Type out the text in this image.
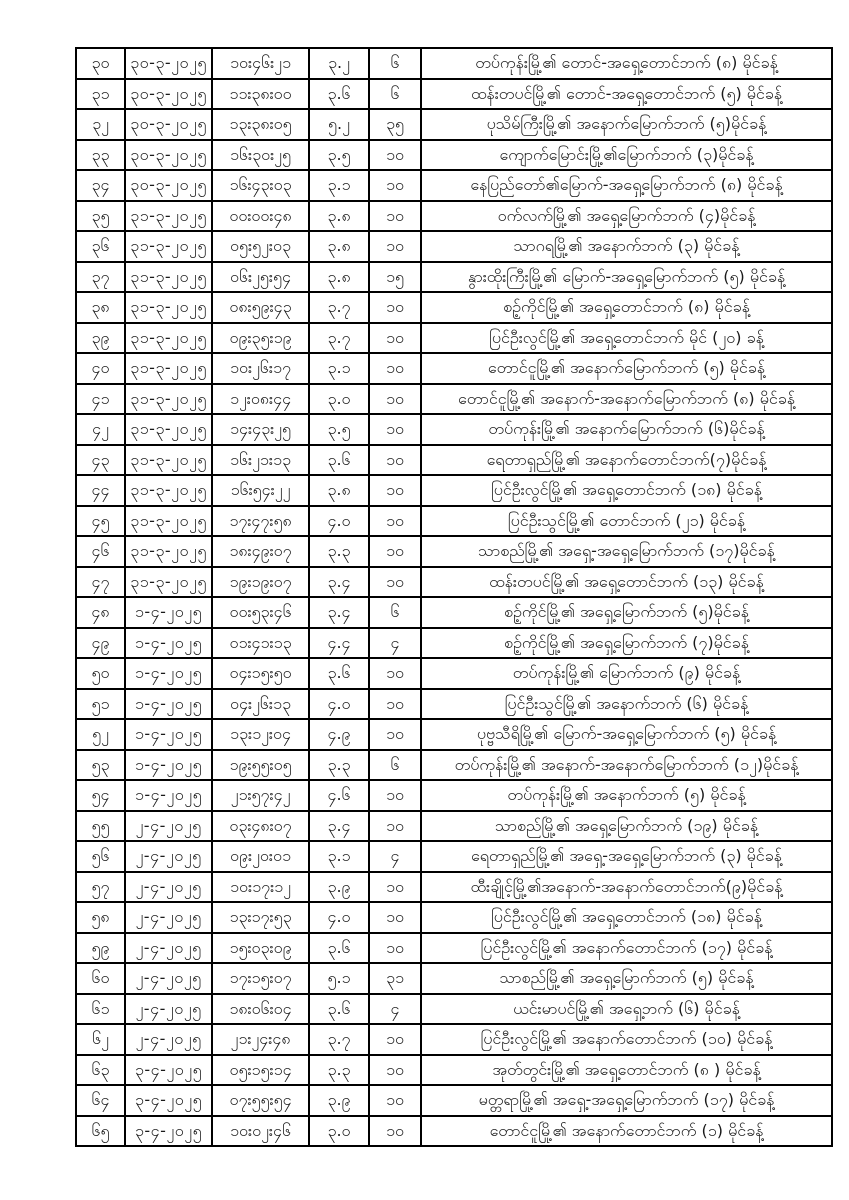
၃၀	၃၀-၃-၂၀၂၅	၁၀း၄၆း၂၁	၃.၂	၆	တပ်ကုန်းမြို့၏ တောင်-အရှေ့တောင်ဘက် (၈) မိုင်ခန့်
၃၁	၃၀-၃-၂၀၂၅	၁၁း၃၈း၀၀	၃.၆	၆	ထန်းတပင်မြို့၏ တောင်-အရှေ့တောင်ဘက် (၅) မိုင်ခန့်
၃၂	၃၀-၃-၂၀၂၅	၁၃း၃၈း၀၅	၅.၂	၃၅	ပုသိမ်ကြီးမြို့၏ အနောက်မြောက်ဘက် (၅)မိုင်ခန့်
၃၃	၃၀-၃-၂၀၂၅	၁၆း၃၀း၂၅	၃.၅	၁၀	ကျောက်မြောင်းမြို့၏မြောက်ဘက် (၃)မိုင်ခန့်
၃၄	၃၀-၃-၂၀၂၅	၁၆း၄၃း၀၃	၃.၁	၁၀	နေပြည်တော်၏မြောက်-အရှေ့မြောက်ဘက် (၈) မိုင်ခန့်
၃၅	၃၁-၃-၂၀၂၅	၀၀း၀၀း၄၈	၃.၈	၁၀	ဝက်လက်မြို့၏ အရှေ့မြောက်ဘက် (၄)မိုင်ခန့်
၃၆	၃၁-၃-၂၀၂၅	၀၅း၅၂း၀၃	၃.၈	၁၀	သာဂရမြို့၏ အနောက်ဘက် (၃) မိုင်ခန့်
၃၇	၃၁-၃-၂၀၂၅	၀၆း၂၅း၅၄	၃.၈	၁၅	နွားထိုးကြီးမြို့၏ မြောက်-အရှေ့မြောက်ဘက် (၅) မိုင်ခန့်
၃၈	၃၁-၃-၂၀၂၅	၀၈း၅၉း၄၃	၃.၇	၁၀	စဉ့်ကိုင်မြို့၏ အရှေ့တောင်ဘက် (၈) မိုင်ခန့်
၃၉	၃၁-၃-၂၀၂၅	၀၉း၃၅း၁၉	၃.၇	၁၀	ပြင်ဦးလွင်မြို့၏ အရှေ့တောင်ဘက် မိုင် (၂၀) ခန့်
၄၀	၃၁-၃-၂၀၂၅	၁၀း၂၆း၁၇	၃.၁	၁၀	တောင်ငူမြို့၏ အနောက်မြောက်ဘက် (၅) မိုင်ခန့်
၄၁	၃၁-၃-၂၀၂၅	၁၂း၀၈း၄၄	၃.၀	၁၀	တောင်ငူမြို့၏ အနောက်-အနောက်မြောက်ဘက် (၈) မိုင်ခန့်
၄၂	၃၁-၃-၂၀၂၅	၁၄း၄၃း၂၅	၃.၅	၁၀	တပ်ကုန်းမြို့၏ အနောက်မြောက်ဘက် (၆)မိုင်ခန့်
၄၃	၃၁-၃-၂၀၂၅	၁၆း၂၁း၁၃	၃.၆	၁၀	ရေတာရှည်မြို့၏ အနောက်တောင်ဘက်(၇)မိုင်ခန့်
၄၄	၃၁-၃-၂၀၂၅	၁၆း၅၄း၂၂	၃.၈	၁၀	ပြင်ဦးလွင်မြို့၏ အရှေ့တောင်ဘက် (၁၈) မိုင်ခန့်
၄၅	၃၁-၃-၂၀၂၅	၁၇း၄၇း၅၈	၄.၀	၁၀	ပြင်ဦးသွင်မြို့၏ တောင်ဘက် (၂၁) မိုင်ခန့်
၄၆	၃၁-၃-၂၀၂၅	၁၈း၄၉း၀၇	၃.၃	၁၀	သာစည်မြို့၏ အရှေ့-အရှေ့မြောက်ဘက် (၁၇)မိုင်ခန့်
၄၇	၃၁-၃-၂၀၂၅	၁၉း၁၉း၀၇	၃.၄	၁၀	ထန်းတပင်မြို့၏ အရှေ့တောင်ဘက် (၁၃) မိုင်ခန့်
၄၈	၁-၄-၂၀၂၅	၀၀း၅၃း၄၆	၃.၄	၆	စဉ့်ကိုင်မြို့၏ အရှေ့မြောက်ဘက် (၅)မိုင်ခန့်
၄၉	၁-၄-၂၀၂၅	၀၁း၄၁း၁၃	၄.၄	၄	စဉ့်ကိုင်မြို့၏ အရှေ့မြောက်ဘက် (၇)မိုင်ခန့်
၅၀	၁-၄-၂၀၂၅	၀၄း၁၅း၅၀	၃.၆	၁၀	တပ်ကုန်းမြို့၏ မြောက်ဘက် (၉) မိုင်ခန့်
၅၁	၁-၄-၂၀၂၅	၀၄း၂၆း၁၃	၄.၀	၁၀	ပြင်ဦးသွင်မြို့၏ အနောက်ဘက် (၆) မိုင်ခန့်
၅၂	၁-၄-၂၀၂၅	၁၃း၁၂း၀၄	၄.၉	၁၀	ပုဗ္ဗသီရိမြို့၏ မြောက်-အရှေ့မြောက်ဘက် (၅) မိုင်ခန့်
၅၃	၁-၄-၂၀၂၅	၁၉း၅၅း၀၅	၃.၃	၆	တပ်ကုန်းမြို့၏ အနောက်-အနောက်မြောက်ဘက် (၁၂)မိုင်ခန့်
၅၄	၁-၄-၂၀၂၅	၂၁း၅၇း၄၂	၄.၆	၁၀	တပ်ကုန်းမြို့၏ အနောက်ဘက် (၅) မိုင်ခန့်
၅၅	၂-၄-၂၀၂၅	၀၃း၄၈း၀၇	၃.၄	၁၀	သာစည်မြို့၏ အရှေ့မြောက်ဘက် (၁၉) မိုင်ခန့်
၅၆	၂-၄-၂၀၂၅	၀၉း၂၀း၀၁	၃.၁	၄	ရေတာရှည်မြို့၏ အရှေ့-အရှေ့မြောက်ဘက် (၃) မိုင်ခန့်
၅၇	၂-၄-၂၀၂၅	၁၀း၁၇း၁၂	၃.၉	၁၀	ထီးချိုင့်မြို့၏အနောက်-အနောက်တောင်ဘက်(၉)မိုင်ခန့်
၅၈	၂-၄-၂၀၂၅	၁၃း၁၇း၅၃	၄.၀	၁၀	ပြင်ဦးလွင်မြို့၏ အရှေ့တောင်ဘက် (၁၈) မိုင်ခန့်
၅၉	၂-၄-၂၀၂၅	၁၅း၀၃း၀၉	၃.၆	၁၀	ပြင်ဦးလွင်မြို့၏ အနောက်တောင်ဘက် (၁၇) မိုင်ခန့်
၆၀	၂-၄-၂၀၂၅	၁၇း၁၅း၀၇	၅.၁	၃၁	သာစည်မြို့၏ အရှေ့မြောက်ဘက် (၅) မိုင်ခန့်
၆၁	၂-၄-၂၀၂၅	၁၈း၀၆း၀၄	၃.၆	၄	ယင်းမာပင်မြို့၏ အရှေ့ဘက် (၆) မိုင်ခန့်
၆၂	၂-၄-၂၀၂၅	၂၁း၂၄း၄၈	၃.၇	၁၀	ပြင်ဦးလွင်မြို့၏ အနောက်တောင်ဘက် (၁၀) မိုင်ခန့်
၆၃	၃-၄-၂၀၂၅	၀၅း၁၅း၁၄	၃.၃	၁၀	အုတ်တွင်းမြို့၏ အရှေ့တောင်ဘက် (၈ ) မိုင်ခန့်
၆၄	၃-၄-၂၀၂၅	၀၇း၅၅း၅၄	၃.၉	၁၀	မတ္တရာမြို့၏ အရှေ့-အရှေ့မြောက်ဘက် (၁၇) မိုင်ခန့်
၆၅	၃-၄-၂၀၂၅	၁၀း၀၂း၄၆	၃.၀	၁၀	တောင်ငူမြို့၏ အနောက်တောင်ဘက် (၁) မိုင်ခန့်
